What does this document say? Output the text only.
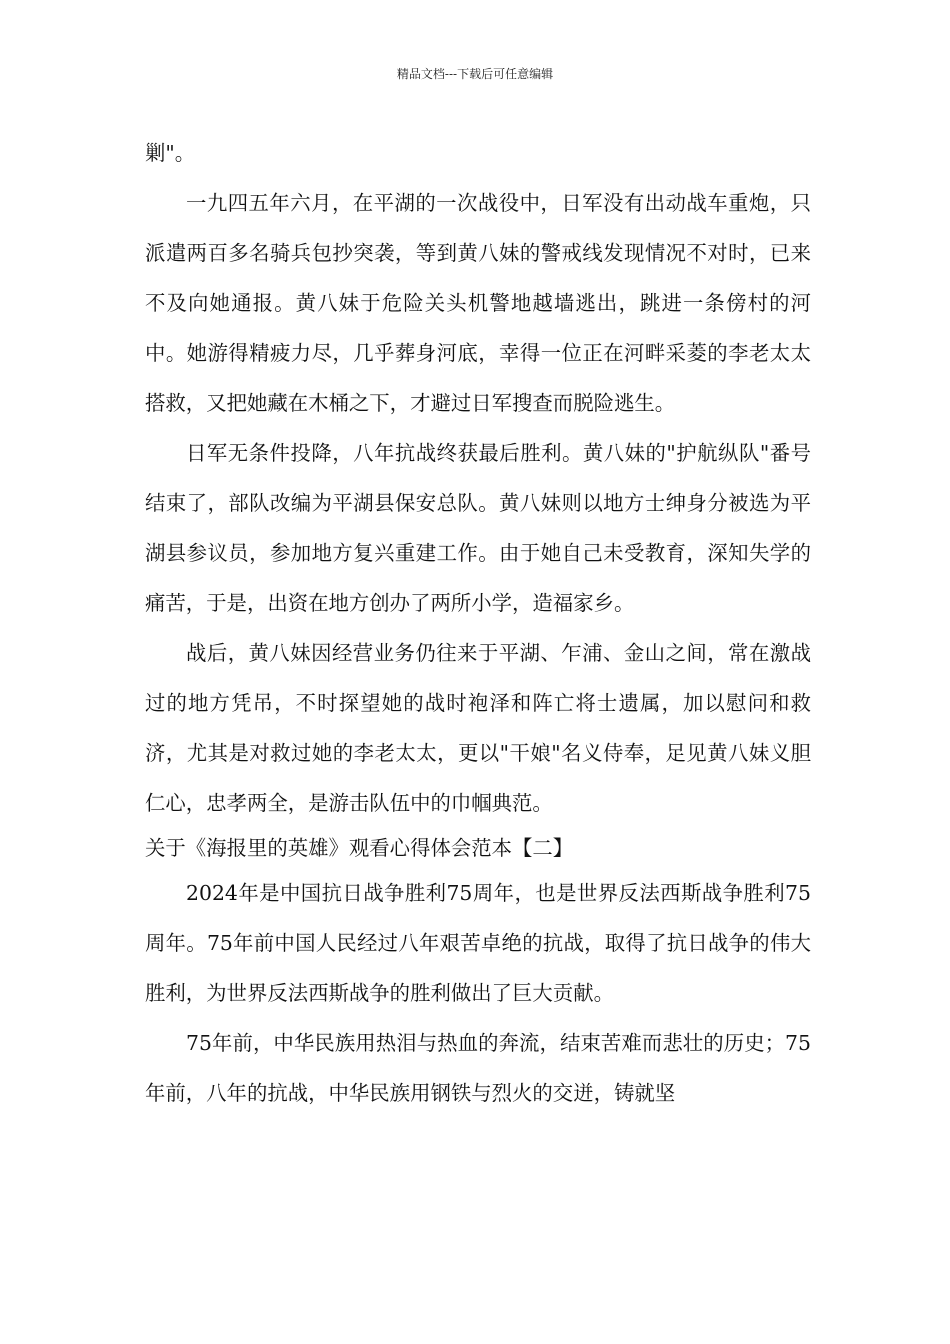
精品文档---下载后可任意编辑

剿"。

一九四五年六月，在平湖的一次战役中，日军没有出动战车重炮，只派遣两百多名骑兵包抄突袭，等到黄八妹的警戒线发现情况不对时，已来不及向她通报。黄八妹于危险关头机警地越墙逃出，跳进一条傍村的河中。她游得精疲力尽，几乎葬身河底，幸得一位正在河畔采菱的李老太太搭救，又把她藏在木桶之下，才避过日军搜查而脱险逃生。

日军无条件投降，八年抗战终获最后胜利。黄八妹的"护航纵队"番号结束了，部队改编为平湖县保安总队。黄八妹则以地方士绅身分被选为平湖县参议员，参加地方复兴重建工作。由于她自己未受教育，深知失学的痛苦，于是，出资在地方创办了两所小学，造福家乡。

战后，黄八妹因经营业务仍往来于平湖、乍浦、金山之间，常在激战过的地方凭吊，不时探望她的战时袍泽和阵亡将士遗属，加以慰问和救济，尤其是对救过她的李老太太，更以"干娘"名义侍奉，足见黄八妹义胆仁心，忠孝两全，是游击队伍中的巾帼典范。

关于《海报里的英雄》观看心得体会范本【二】

2024年是中国抗日战争胜利75周年，也是世界反法西斯战争胜利75周年。75年前中国人民经过八年艰苦卓绝的抗战，取得了抗日战争的伟大胜利，为世界反法西斯战争的胜利做出了巨大贡献。

75年前，中华民族用热泪与热血的奔流，结束苦难而悲壮的历史；75年前，八年的抗战，中华民族用钢铁与烈火的交迸，铸就坚
